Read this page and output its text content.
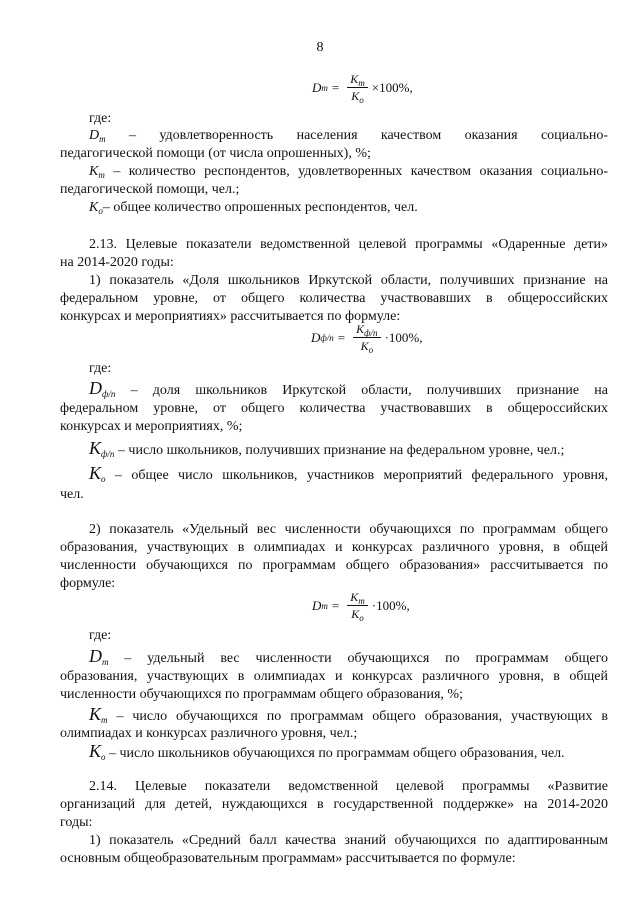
8
D $m = \frac{K_m}{K_o} \times 100\%$ ,
где:
$D_m$ – удовлетворенность населения качеством оказания социально-
педагогической помощи (от числа опрошенных), %;
$K_m$ – количество респондентов, удовлетворенных качеством оказания социально-
педагогической помощи, чел.;
$K_o-$ общее количество опрошенных респондентов, чел.
2.13. Целевые показатели ведомственной целевой программы «Одаренные дети»
на 2014-2020 годы:
1) показатель «Доля школьников Иркутской области, получивших признание на
федеральном уровне, от общего количества участвовавших в общероссийских
конкурсах и мероприятиях» рассчитывается по формуле:
D $ф/п = \frac{K_{ф/п}}{K_o} \cdot 100\%$ ,
где:
$D_{ф/п}$ – доля школьников Иркутской области, получивших признание на
федеральном уровне, от общего количества участвовавших в общероссийских
конкурсах и мероприятиях, %;
$K_{ф/п}$ – число школьников, получивших признание на федеральном уровне, чел.;
$K_o$ – общее число школьников, участников мероприятий федерального уровня,
чел.
2) показатель «Удельный вес численности обучающихся по программам общего
образования, участвующих в олимпиадах и конкурсах различного уровня, в общей
численности обучающихся по программам общего образования» рассчитывается по
формуле:
D $m = \frac{K_m}{K_o} \cdot 100\%$ ,
где:
$D_m$ – удельный вес численности обучающихся по программам общего
образования, участвующих в олимпиадах и конкурсах различного уровня, в общей
численности обучающихся по программам общего образования, %;
$K_m$ – число обучающихся по программам общего образования, участвующих в
олимпиадах и конкурсах различного уровня, чел.;
$K_o$ – число школьников обучающихся по программам общего образования, чел.
2.14. Целевые показатели ведомственной целевой программы «Развитие
организаций для детей, нуждающихся в государственной поддержке» на 2014-2020
годы:
1) показатель «Средний балл качества знаний обучающихся по адаптированным
основным общеобразовательным программам» рассчитывается по формуле:
